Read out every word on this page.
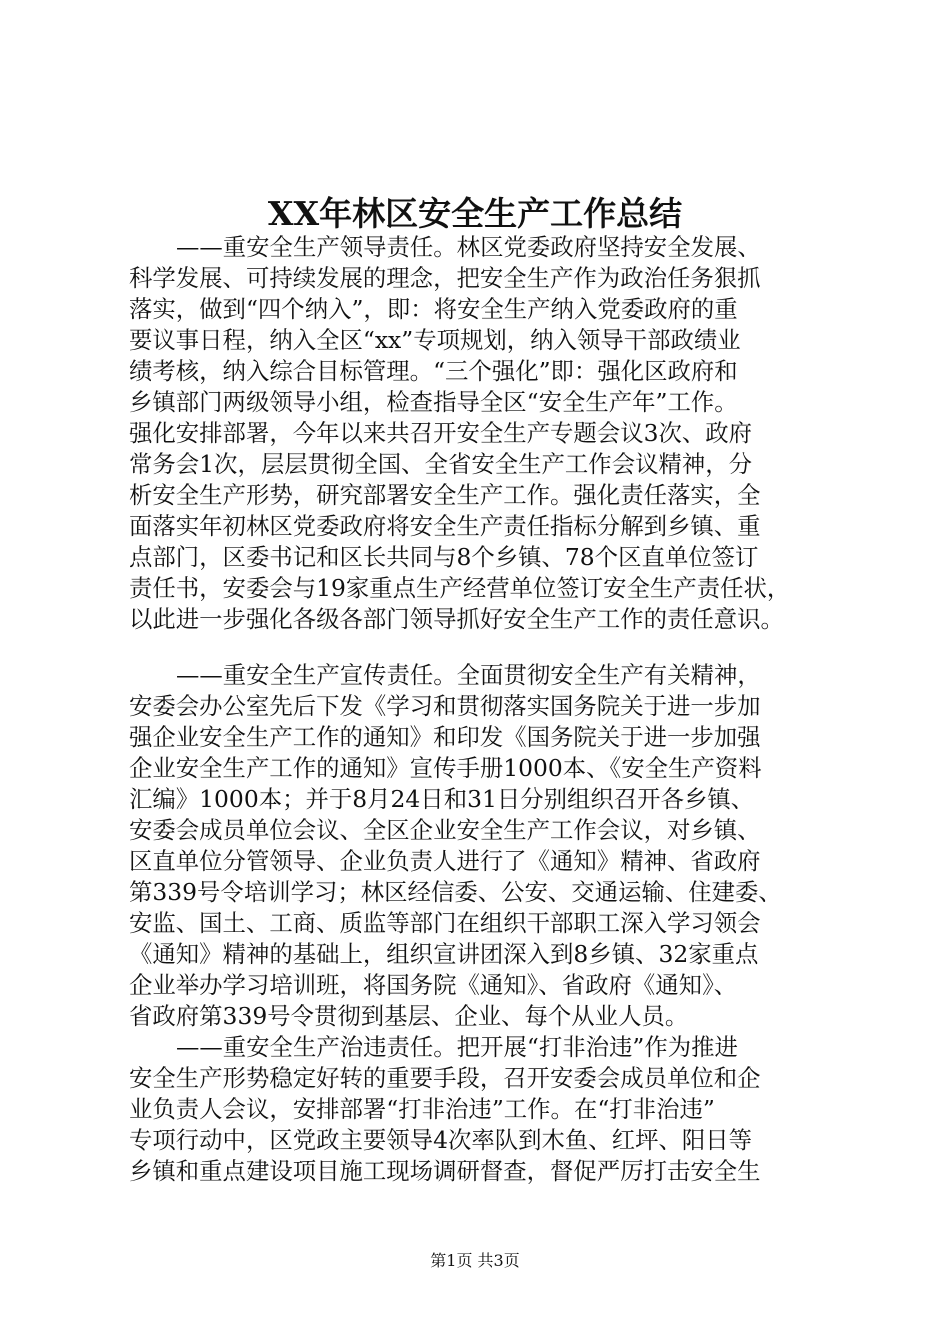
XX年林区安全生产工作总结
——重安全生产领导责任。林区党委政府坚持安全发展、
科学发展、可持续发展的理念，把安全生产作为政治任务狠抓
落实，做到“四个纳入”，即：将安全生产纳入党委政府的重
要议事日程，纳入全区“xx”专项规划，纳入领导干部政绩业
绩考核，纳入综合目标管理。“三个强化”即：强化区政府和
乡镇部门两级领导小组，检查指导全区“安全生产年”工作。
强化安排部署，今年以来共召开安全生产专题会议3次、政府
常务会1次，层层贯彻全国、全省安全生产工作会议精神，分
析安全生产形势，研究部署安全生产工作。强化责任落实，全
面落实年初林区党委政府将安全生产责任指标分解到乡镇、重
点部门，区委书记和区长共同与8个乡镇、78个区直单位签订
责任书，安委会与19家重点生产经营单位签订安全生产责任状，
以此进一步强化各级各部门领导抓好安全生产工作的责任意识。
——重安全生产宣传责任。全面贯彻安全生产有关精神，
安委会办公室先后下发《学习和贯彻落实国务院关于进一步加
强企业安全生产工作的通知》和印发《国务院关于进一步加强
企业安全生产工作的通知》宣传手册1000本、《安全生产资料
汇编》1000本；并于8月24日和31日分别组织召开各乡镇、
安委会成员单位会议、全区企业安全生产工作会议，对乡镇、
区直单位分管领导、企业负责人进行了《通知》精神、省政府
第339号令培训学习；林区经信委、公安、交通运输、住建委、
安监、国土、工商、质监等部门在组织干部职工深入学习领会
《通知》精神的基础上，组织宣讲团深入到8乡镇、32家重点
企业举办学习培训班，将国务院《通知》、省政府《通知》、
省政府第339号令贯彻到基层、企业、每个从业人员。
——重安全生产治违责任。把开展“打非治违”作为推进
安全生产形势稳定好转的重要手段，召开安委会成员单位和企
业负责人会议，安排部署“打非治违”工作。在“打非治违”
专项行动中，区党政主要领导4次率队到木鱼、红坪、阳日等
乡镇和重点建设项目施工现场调研督查，督促严厉打击安全生
第1页 共3页
